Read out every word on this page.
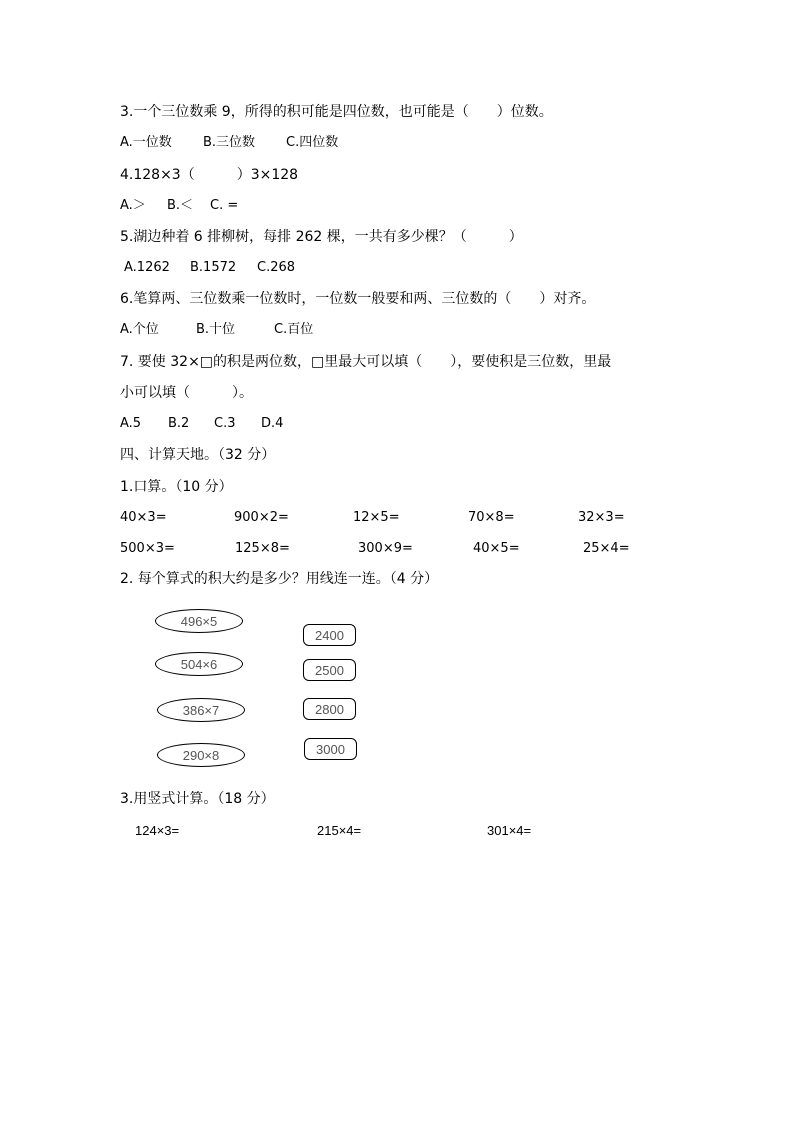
3.一个三位数乘 9，所得的积可能是四位数，也可能是（　　）位数。
A.一位数 B.三位数 C.四位数
4.128×3（　　　）3×128
A.＞ B.＜ C. =
5.湖边种着 6 排柳树，每排 262 棵，一共有多少棵？（　　　）
A.1262 B.1572 C.268
6.笔算两、三位数乘一位数时，一位数一般要和两、三位数的（　　）对齐。
A.个位	B.十位	C.百位
7. 要使 32×□的积是两位数，□里最大可以填（　　），要使积是三位数，里最
小可以填（　　　）。
A.5 B.2 C.3 D.4
四、计算天地。（32 分）
1.口算。（10 分）
40×3=	900×2=	12×5=	70×8=	32×3=
500×3=	125×8=	300×9=	40×5=	25×4=
2. 每个算式的积大约是多少？用线连一连。（4 分）
496×5
504×6
386×7
290×8
2400
2500
2800
3000
3.用竖式计算。（18 分）
124×3=	215×4=	301×4=
